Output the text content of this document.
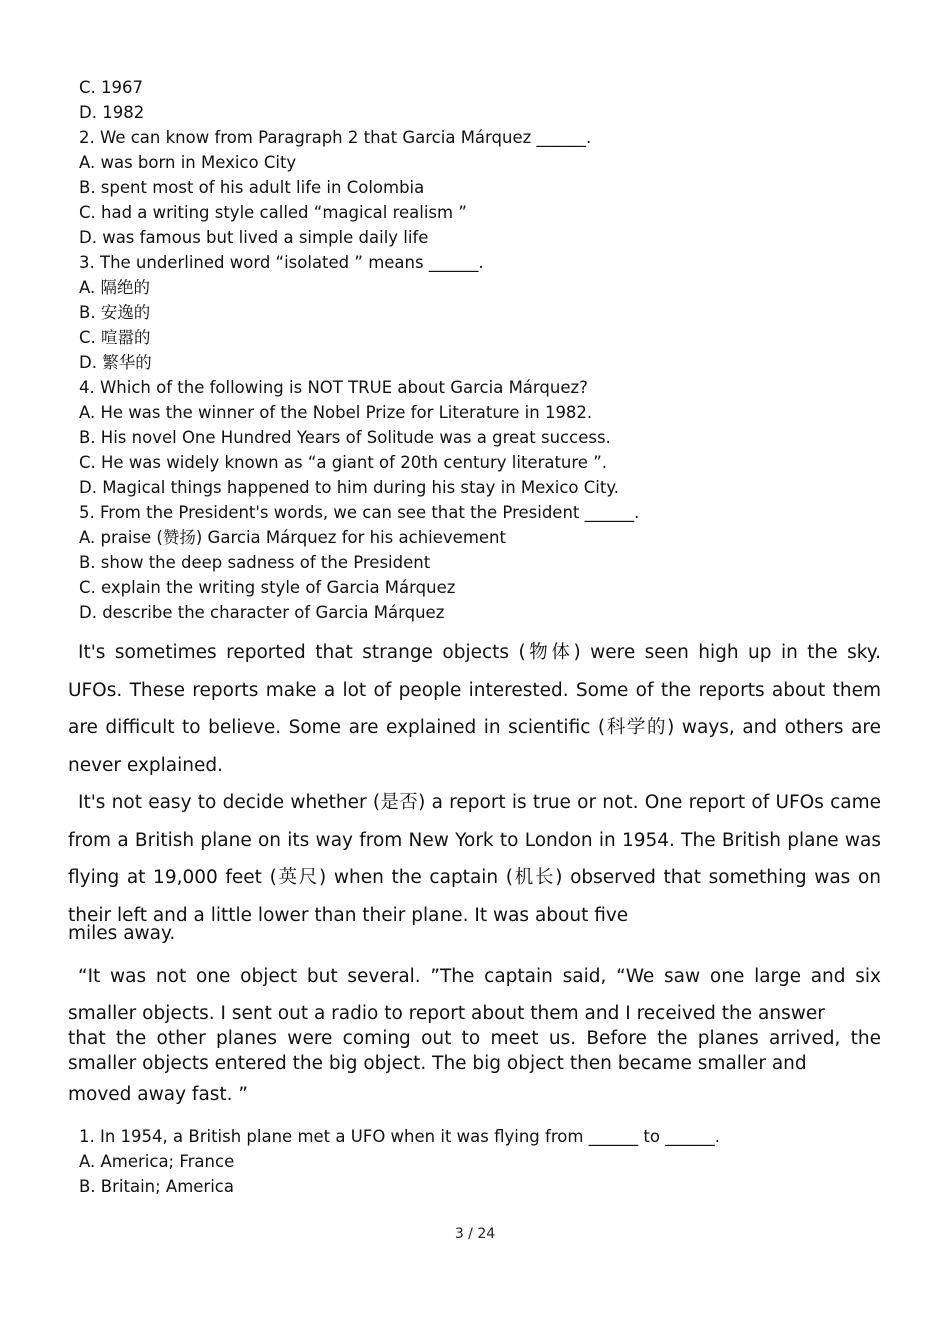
C. 1967
D. 1982
2. We can know from Paragraph 2 that Garcia Márquez ______.
A. was born in Mexico City
B. spent most of his adult life in Colombia
C. had a writing style called “magical realism ”
D. was famous but lived a simple daily life
3. The underlined word “isolated ” means ______.
A. 隔绝的
B. 安逸的
C. 喧嚣的
D. 繁华的
4. Which of the following is NOT TRUE about Garcia Márquez?
A. He was the winner of the Nobel Prize for Literature in 1982.
B. His novel One Hundred Years of Solitude was a great success.
C. He was widely known as “a giant of 20th century literature ”.
D. Magical things happened to him during his stay in Mexico City.
5. From the President's words, we can see that the President ______.
A. praise (赞扬) Garcia Márquez for his achievement
B. show the deep sadness of the President
C. explain the writing style of Garcia Márquez
D. describe the character of Garcia Márquez

It's sometimes reported that strange objects (物体) were seen high up in the sky. UFOs. These reports make a lot of people interested. Some of the reports about them are difficult to believe. Some are explained in scientific (科学的) ways, and others are never explained.

It's not easy to decide whether (是否) a report is true or not. One report of UFOs came from a British plane on its way from New York to London in 1954. The British plane was flying at 19,000 feet (英尺) when the captain (机长) observed that something was on their left and a little lower than their plane. It was about five

miles away.

“It was not one object but several. ”The captain said, “We saw one large and six smaller objects. I sent out a radio to report about them and I received the answer

that the other planes were coming out to meet us. Before the planes arrived, the smaller objects entered the big object. The big object then became smaller and
moved away fast. ”
1. In 1954, a British plane met a UFO when it was flying from ______ to ______.
A. America; France
B. Britain; America
3 / 24
